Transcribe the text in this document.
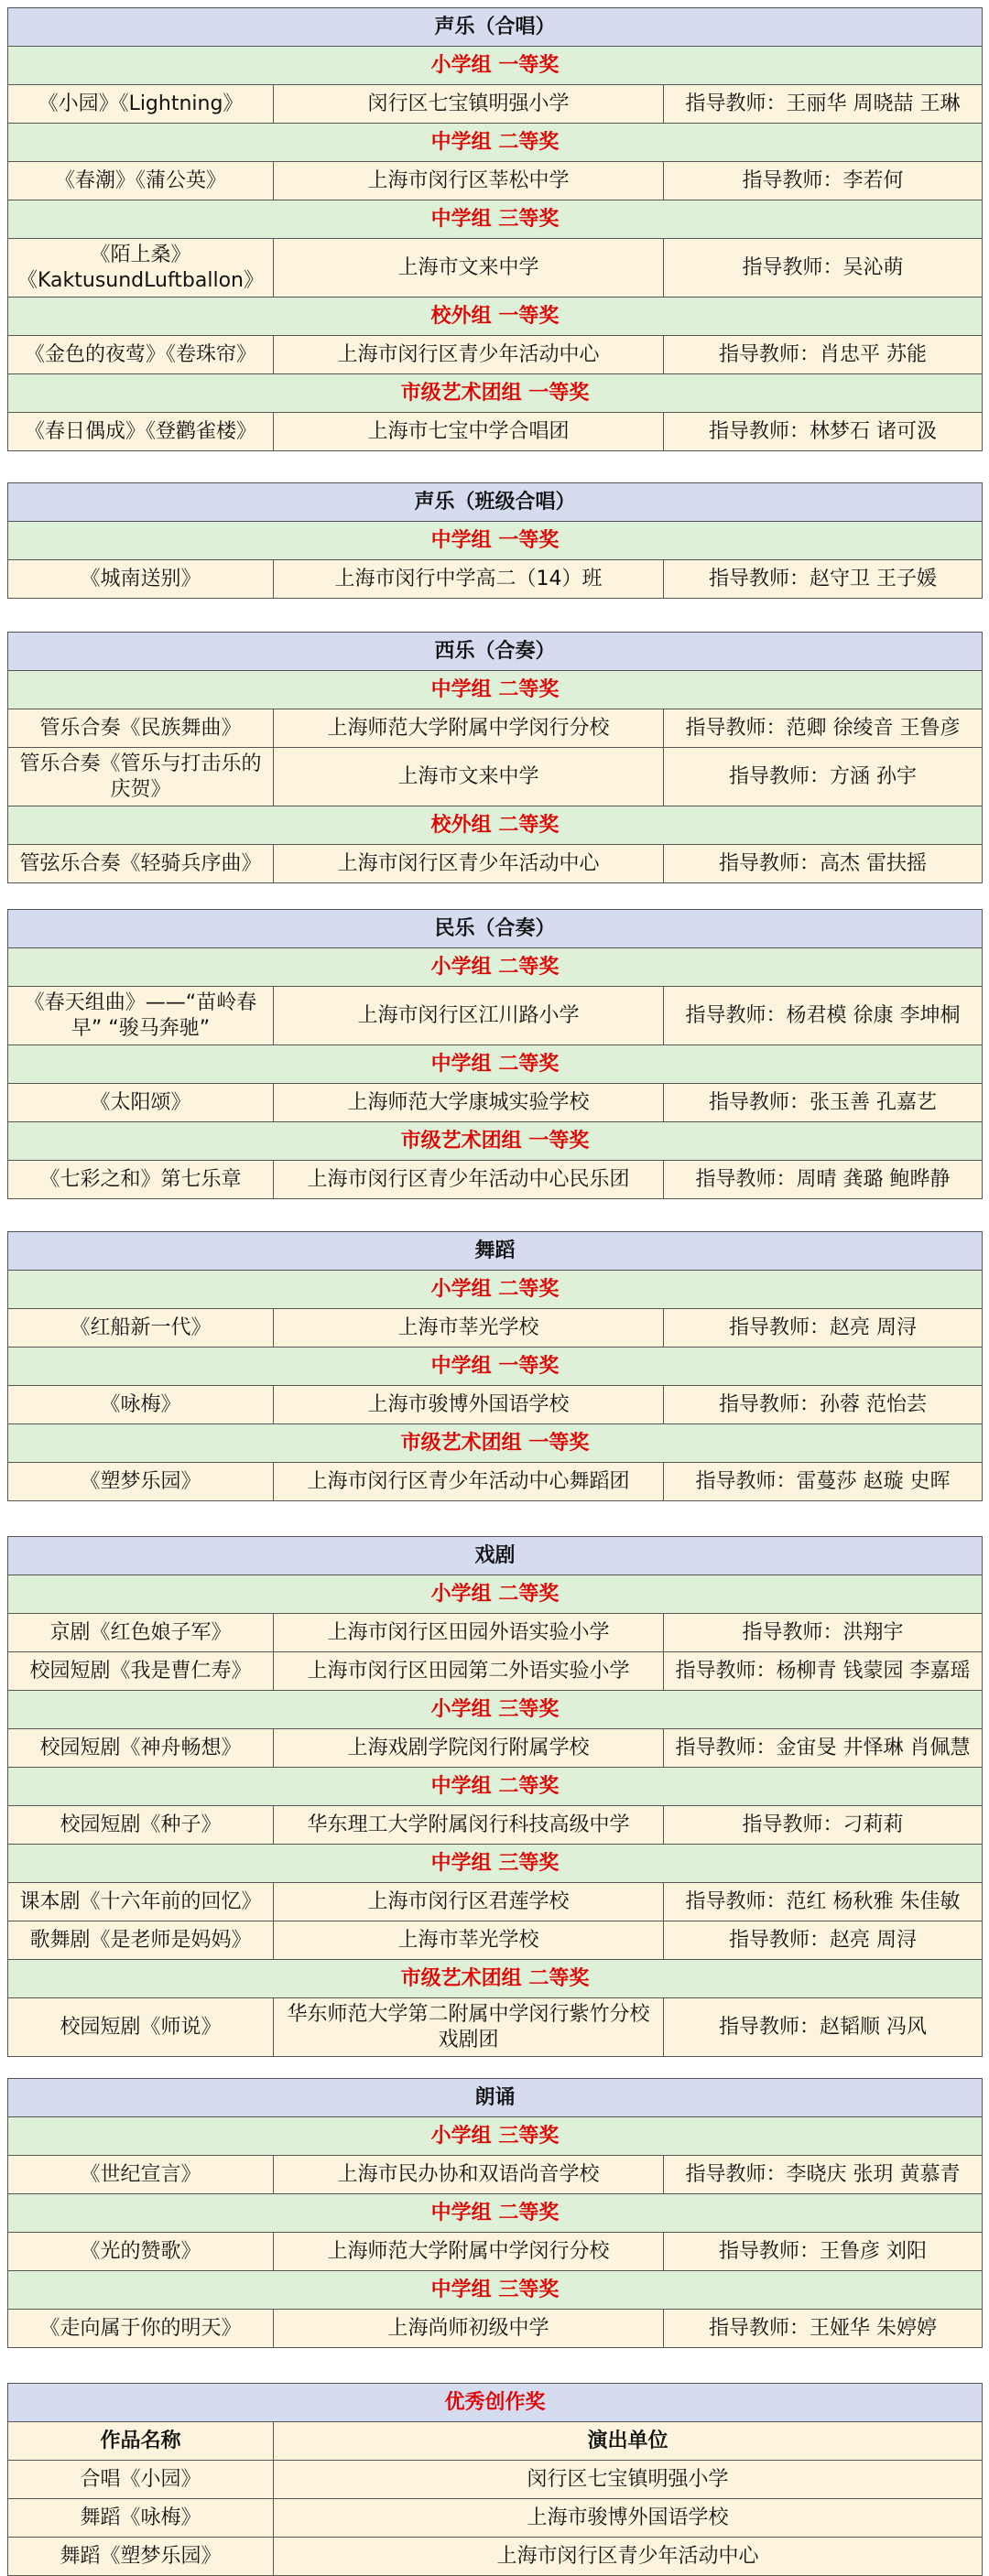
声乐（合唱）		
小学组 一等奖		
《小园》《Lightning》	闵行区七宝镇明强小学	指导教师：王丽华 周晓喆 王琳
中学组 二等奖		
《春潮》《蒲公英》	上海市闵行区莘松中学	指导教师：李若何
中学组 三等奖		
《陌上桑》《KaktusundLuftballon》	上海市文来中学	指导教师：吴沁萌
校外组 一等奖		
《金色的夜莺》《卷珠帘》	上海市闵行区青少年活动中心	指导教师：肖忠平 苏能
市级艺术团组 一等奖		
《春日偶成》《登鹳雀楼》	上海市七宝中学合唱团	指导教师：林梦石 诸可汲
声乐（班级合唱）
中学组 一等奖
《城南送别》	上海市闵行中学高二（14）班	指导教师：赵守卫 王子媛
西乐（合奏）		
中学组 二等奖		
管乐合奏《民族舞曲》	上海师范大学附属中学闵行分校	指导教师：范卿 徐绫音 王鲁彦
管乐合奏《管乐与打击乐的庆贺》	上海市文来中学	指导教师：方涵 孙宇
校外组 二等奖		
管弦乐合奏《轻骑兵序曲》	上海市闵行区青少年活动中心	指导教师：高杰 雷扶摇
民乐（合奏）		
小学组 二等奖		
《春天组曲》——“苗岭春早” “骏马奔驰”	上海市闵行区江川路小学	指导教师：杨君模 徐康 李坤桐
中学组 二等奖		
《太阳颂》	上海师范大学康城实验学校	指导教师：张玉善 孔嘉艺
市级艺术团组 一等奖		
《七彩之和》第七乐章	上海市闵行区青少年活动中心民乐团	指导教师：周晴 龚璐 鲍晔静
舞蹈		
小学组 二等奖		
《红船新一代》	上海市莘光学校	指导教师：赵亮 周浔
中学组 一等奖		
《咏梅》	上海市骏博外国语学校	指导教师：孙蓉 范怡芸
市级艺术团组 一等奖		
《塑梦乐园》	上海市闵行区青少年活动中心舞蹈团	指导教师：雷蔓莎 赵璇 史晖
戏剧		
小学组 二等奖		
京剧《红色娘子军》	上海市闵行区田园外语实验小学	指导教师：洪翔宇
校园短剧《我是曹仁寿》	上海市闵行区田园第二外语实验小学	指导教师：杨柳青 钱蒙园 李嘉瑶
小学组 三等奖		
校园短剧《神舟畅想》	上海戏剧学院闵行附属学校	指导教师：金宙旻 井怿琳 肖佩慧
中学组 二等奖		
校园短剧《种子》	华东理工大学附属闵行科技高级中学	指导教师：刁莉莉
中学组 三等奖		
课本剧《十六年前的回忆》	上海市闵行区君莲学校	指导教师：范红 杨秋雅 朱佳敏
歌舞剧《是老师是妈妈》	上海市莘光学校	指导教师：赵亮 周浔
市级艺术团组 二等奖		
校园短剧《师说》	华东师范大学第二附属中学闵行紫竹分校戏剧团	指导教师：赵韬顺 冯风
朗诵		
小学组 三等奖		
《世纪宣言》	上海市民办协和双语尚音学校	指导教师：李晓庆 张玥 黄慕青
中学组 二等奖		
《光的赞歌》	上海师范大学附属中学闵行分校	指导教师：王鲁彦 刘阳
中学组 三等奖		
《走向属于你的明天》	上海尚师初级中学	指导教师：王娅华 朱婷婷
优秀创作奖	
作品名称	演出单位
合唱《小园》	闵行区七宝镇明强小学
舞蹈《咏梅》	上海市骏博外国语学校
舞蹈《塑梦乐园》	上海市闵行区青少年活动中心
